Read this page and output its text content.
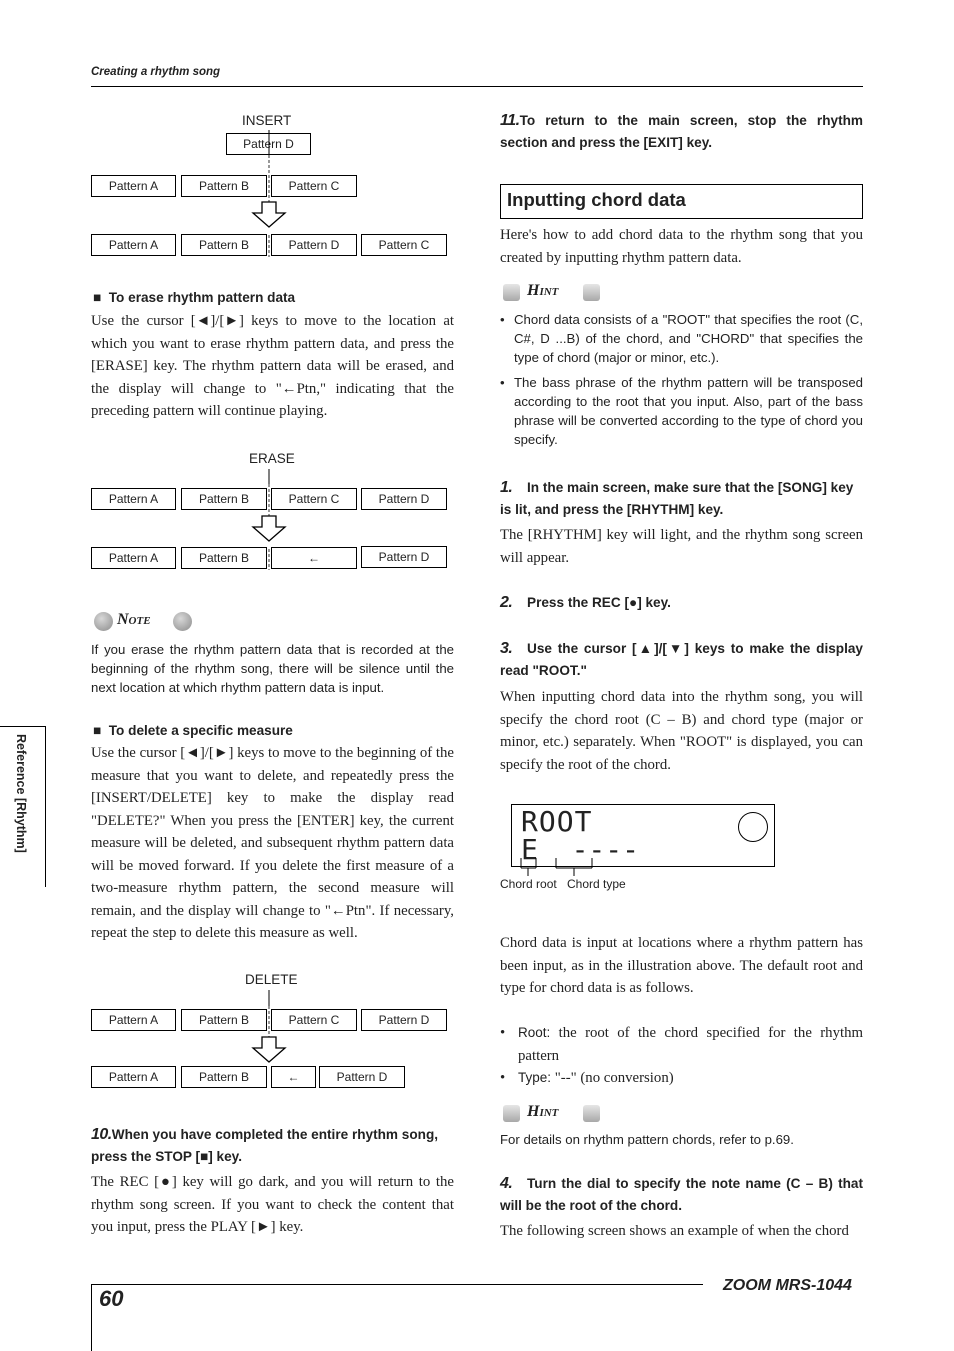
Creating a rhythm song
Reference [Rhythm]
INSERT
Pattern D
Pattern A	Pattern B	Pattern C
Pattern A	Pattern B	Pattern D	Pattern C
■  To erase rhythm pattern data
Use the cursor [◄]/[►] keys to move to the location at which you want to erase rhythm pattern data, and press the [ERASE] key. The rhythm pattern data will be erased, and the display will change to "←Ptn," indicating that the preceding pattern will continue playing.
ERASE
Pattern A	Pattern B	Pattern C	Pattern D
Pattern A	Pattern B	←	Pattern D
Note
If you erase the rhythm pattern data that is recorded at the beginning of the rhythm song, there will be silence until the next location at which rhythm pattern data is input.
■  To delete a specific measure
Use the cursor [◄]/[►] keys to move to the beginning of the measure that you want to delete, and repeatedly press the [INSERT/DELETE] key to make the display read "DELETE?" When you press the [ENTER] key, the current measure will be deleted, and subsequent rhythm pattern data will be moved forward. If you delete the first measure of a two-measure rhythm pattern, the second measure will remain, and the display will change to "←Ptn". If necessary, repeat the step to delete this measure as well.
DELETE
Pattern A	Pattern B	Pattern C	Pattern D
Pattern A	Pattern B	←	Pattern D
10.When you have completed the entire rhythm song, press the STOP [■] key.
The REC [●] key will go dark, and you will return to the rhythm song screen. If you want to check the content that you input, press the PLAY [►] key.
11.To return to the main screen, stop the rhythm section and press the [EXIT] key.
Inputting chord data
Here's how to add chord data to the rhythm song that you created by inputting rhythm pattern data.
Hint
• Chord data consists of a "ROOT" that specifies the root (C, C#, D ...B) of the chord, and "CHORD" that specifies the type of chord (major or minor, etc.).
• The bass phrase of the rhythm pattern will be transposed according to the root that you input. Also, part of the bass phrase will be converted according to the type of chord you specify.
1. In the main screen, make sure that the [SONG] key is lit, and press the [RHYTHM] key.
The [RHYTHM] key will light, and the rhythm song screen will appear.
2. Press the REC [●] key.
3. Use the cursor [▲]/[▼] keys to make the display read "ROOT."
When inputting chord data into the rhythm song, you will specify the chord root (C – B) and chord type (major or minor, etc.) separately. When "ROOT" is displayed, you can specify the root of the chord.
ROOT
E  ----
Chord root Chord type
Chord data is input at locations where a rhythm pattern has been input, as in the illustration above. The default root and type for chord data is as follows.
• Root: the root of the chord specified for the rhythm pattern
• Type: "--" (no conversion)
Hint
For details on rhythm pattern chords, refer to p.69.
4. Turn the dial to specify the note name (C – B) that will be the root of the chord.
The following screen shows an example of when the chord
60
ZOOM MRS-1044
